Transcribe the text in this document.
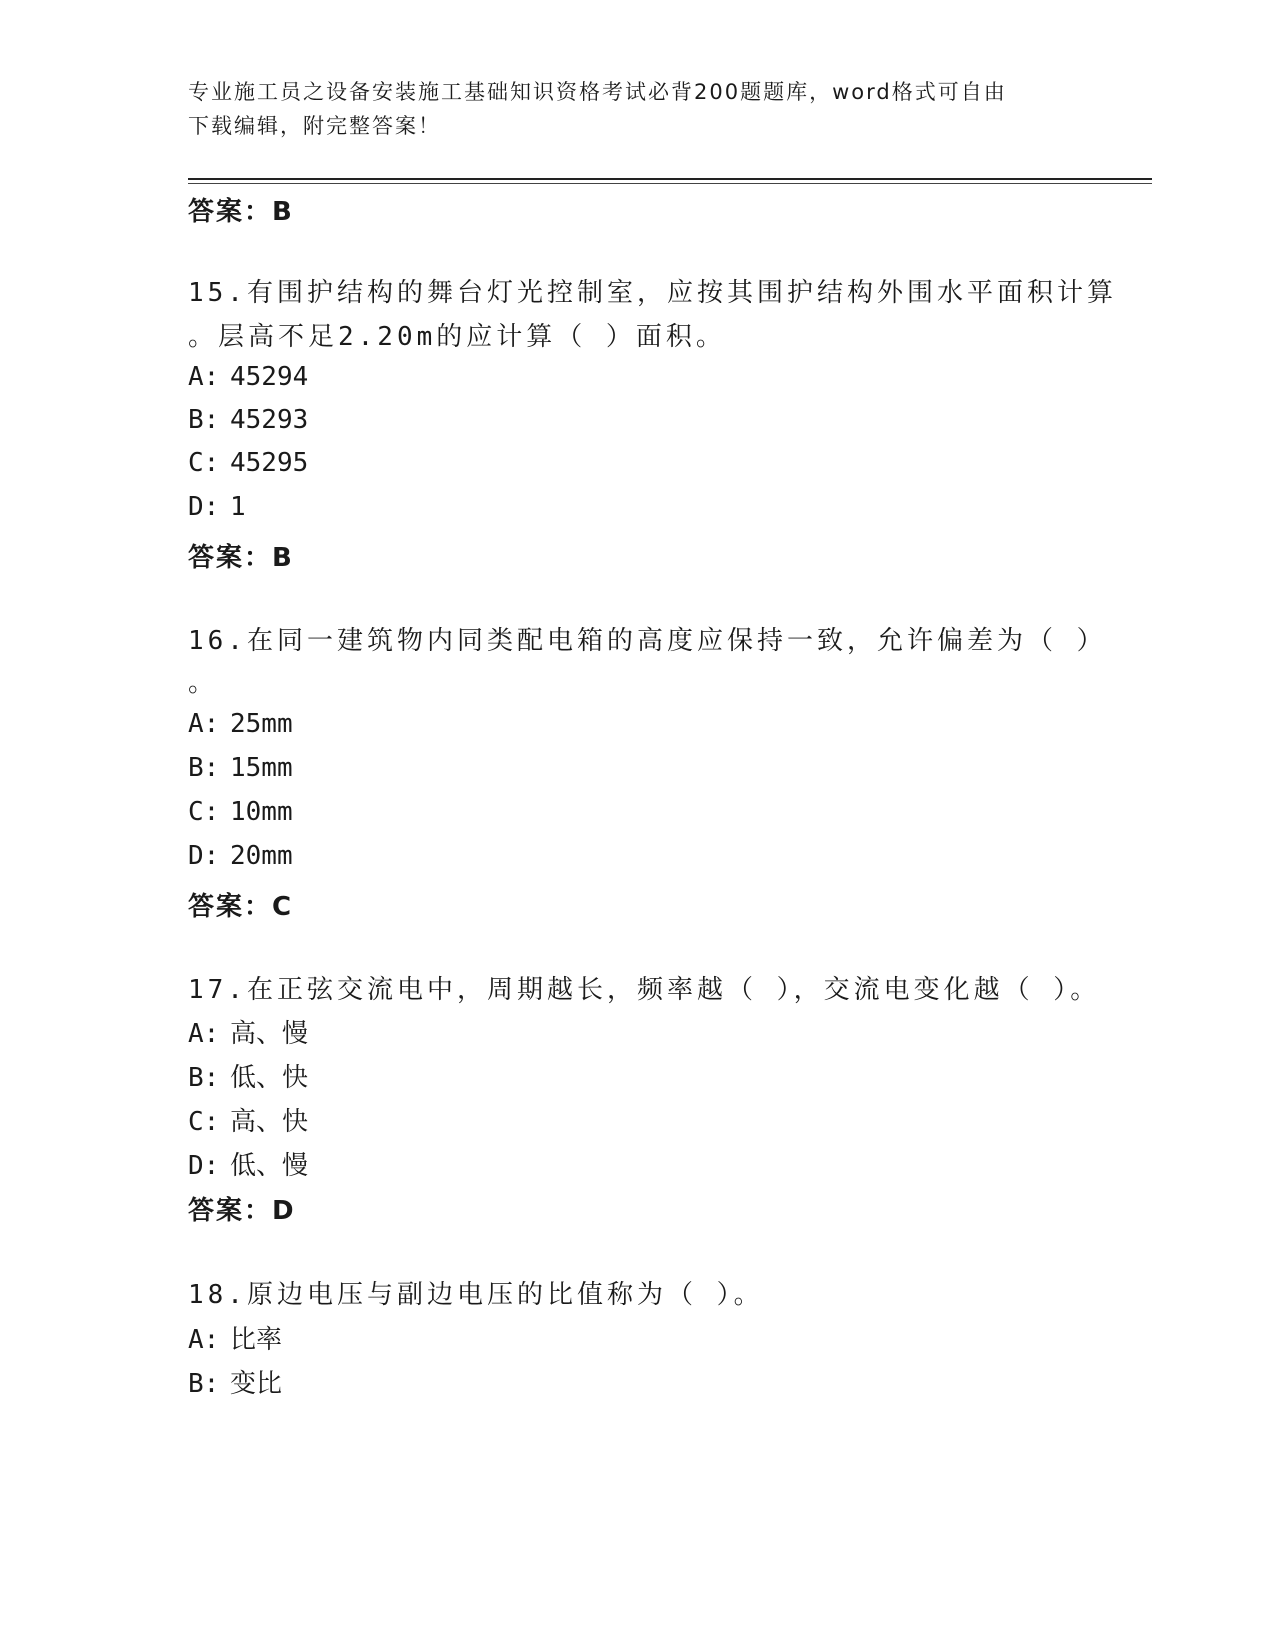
专业施工员之设备安装施工基础知识资格考试必背200题题库，word格式可自由
下载编辑，附完整答案！
答案：B
15.有围护结构的舞台灯光控制室，应按其围护结构外围水平面积计算
。层高不足2.20m的应计算（ ）面积。
A: 45294
B: 45293
C: 45295
D: 1
答案：B
16.在同一建筑物内同类配电箱的高度应保持一致，允许偏差为（ ）
。
A: 25mm
B: 15mm
C: 10mm
D: 20mm
答案：C
17.在正弦交流电中，周期越长，频率越（ ），交流电变化越（ ）。
A: 高、慢
B: 低、快
C: 高、快
D: 低、慢
答案：D
18.原边电压与副边电压的比值称为（ ）。
A: 比率
B: 变比
